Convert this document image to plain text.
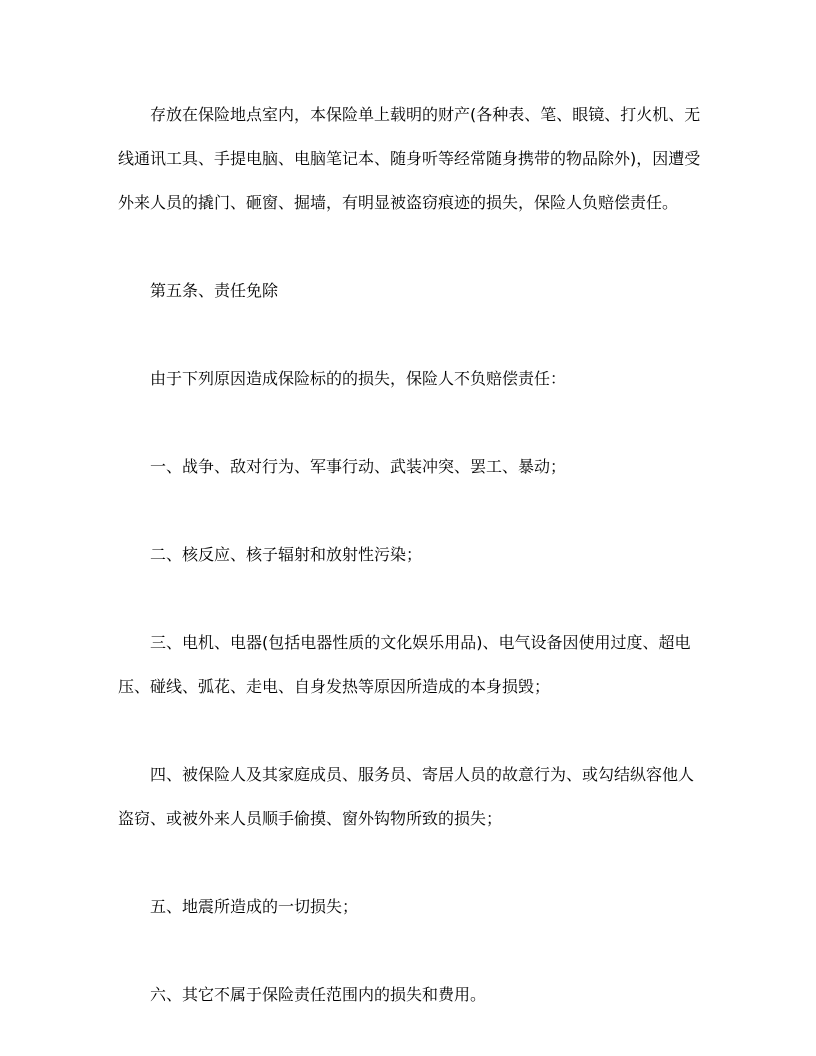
存放在保险地点室内，本保险单上载明的财产(各种表、笔、眼镜、打火机、无线通讯工具、手提电脑、电脑笔记本、随身听等经常随身携带的物品除外)，因遭受外来人员的撬门、砸窗、掘墙，有明显被盗窃痕迹的损失，保险人负赔偿责任。

第五条、责任免除

由于下列原因造成保险标的的损失，保险人不负赔偿责任：

一、战争、敌对行为、军事行动、武装冲突、罢工、暴动；

二、核反应、核子辐射和放射性污染；

三、电机、电器(包括电器性质的文化娱乐用品)、电气设备因使用过度、超电压、碰线、弧花、走电、自身发热等原因所造成的本身损毁；

四、被保险人及其家庭成员、服务员、寄居人员的故意行为、或勾结纵容他人盗窃、或被外来人员顺手偷摸、窗外钩物所致的损失；

五、地震所造成的一切损失；

六、其它不属于保险责任范围内的损失和费用。
